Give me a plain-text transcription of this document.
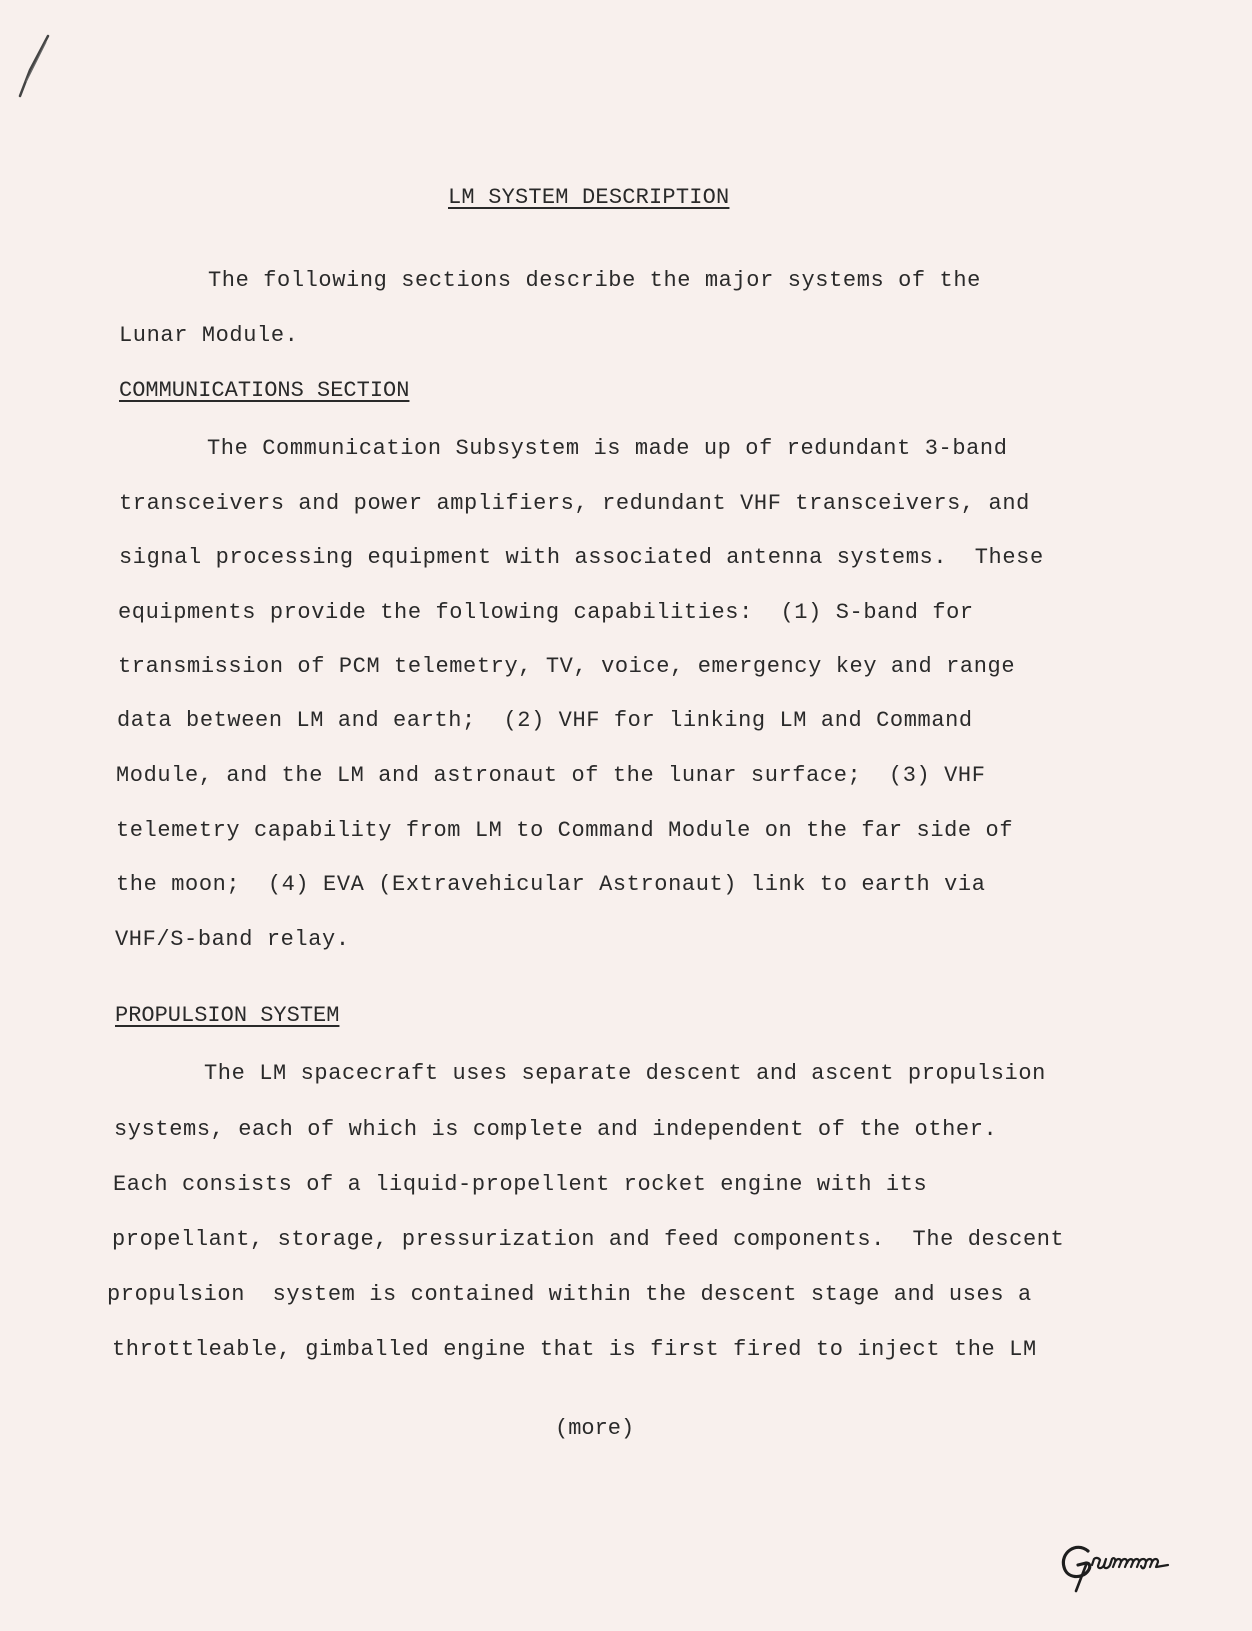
LM SYSTEM DESCRIPTION
The following sections describe the major systems of the
Lunar Module.
COMMUNICATIONS SECTION
The Communication Subsystem is made up of redundant 3-band
transceivers and power amplifiers, redundant VHF transceivers, and
signal processing equipment with associated antenna systems.  These
equipments provide the following capabilities:  (1) S-band for
transmission of PCM telemetry, TV, voice, emergency key and range
data between LM and earth;  (2) VHF for linking LM and Command
Module, and the LM and astronaut of the lunar surface;  (3) VHF
telemetry capability from LM to Command Module on the far side of
the moon;  (4) EVA (Extravehicular Astronaut) link to earth via
VHF/S-band relay.
PROPULSION SYSTEM
The LM spacecraft uses separate descent and ascent propulsion
systems, each of which is complete and independent of the other.
Each consists of a liquid-propellent rocket engine with its
propellant, storage, pressurization and feed components.  The descent
propulsion  system is contained within the descent stage and uses a
throttleable, gimballed engine that is first fired to inject the LM
(more)
